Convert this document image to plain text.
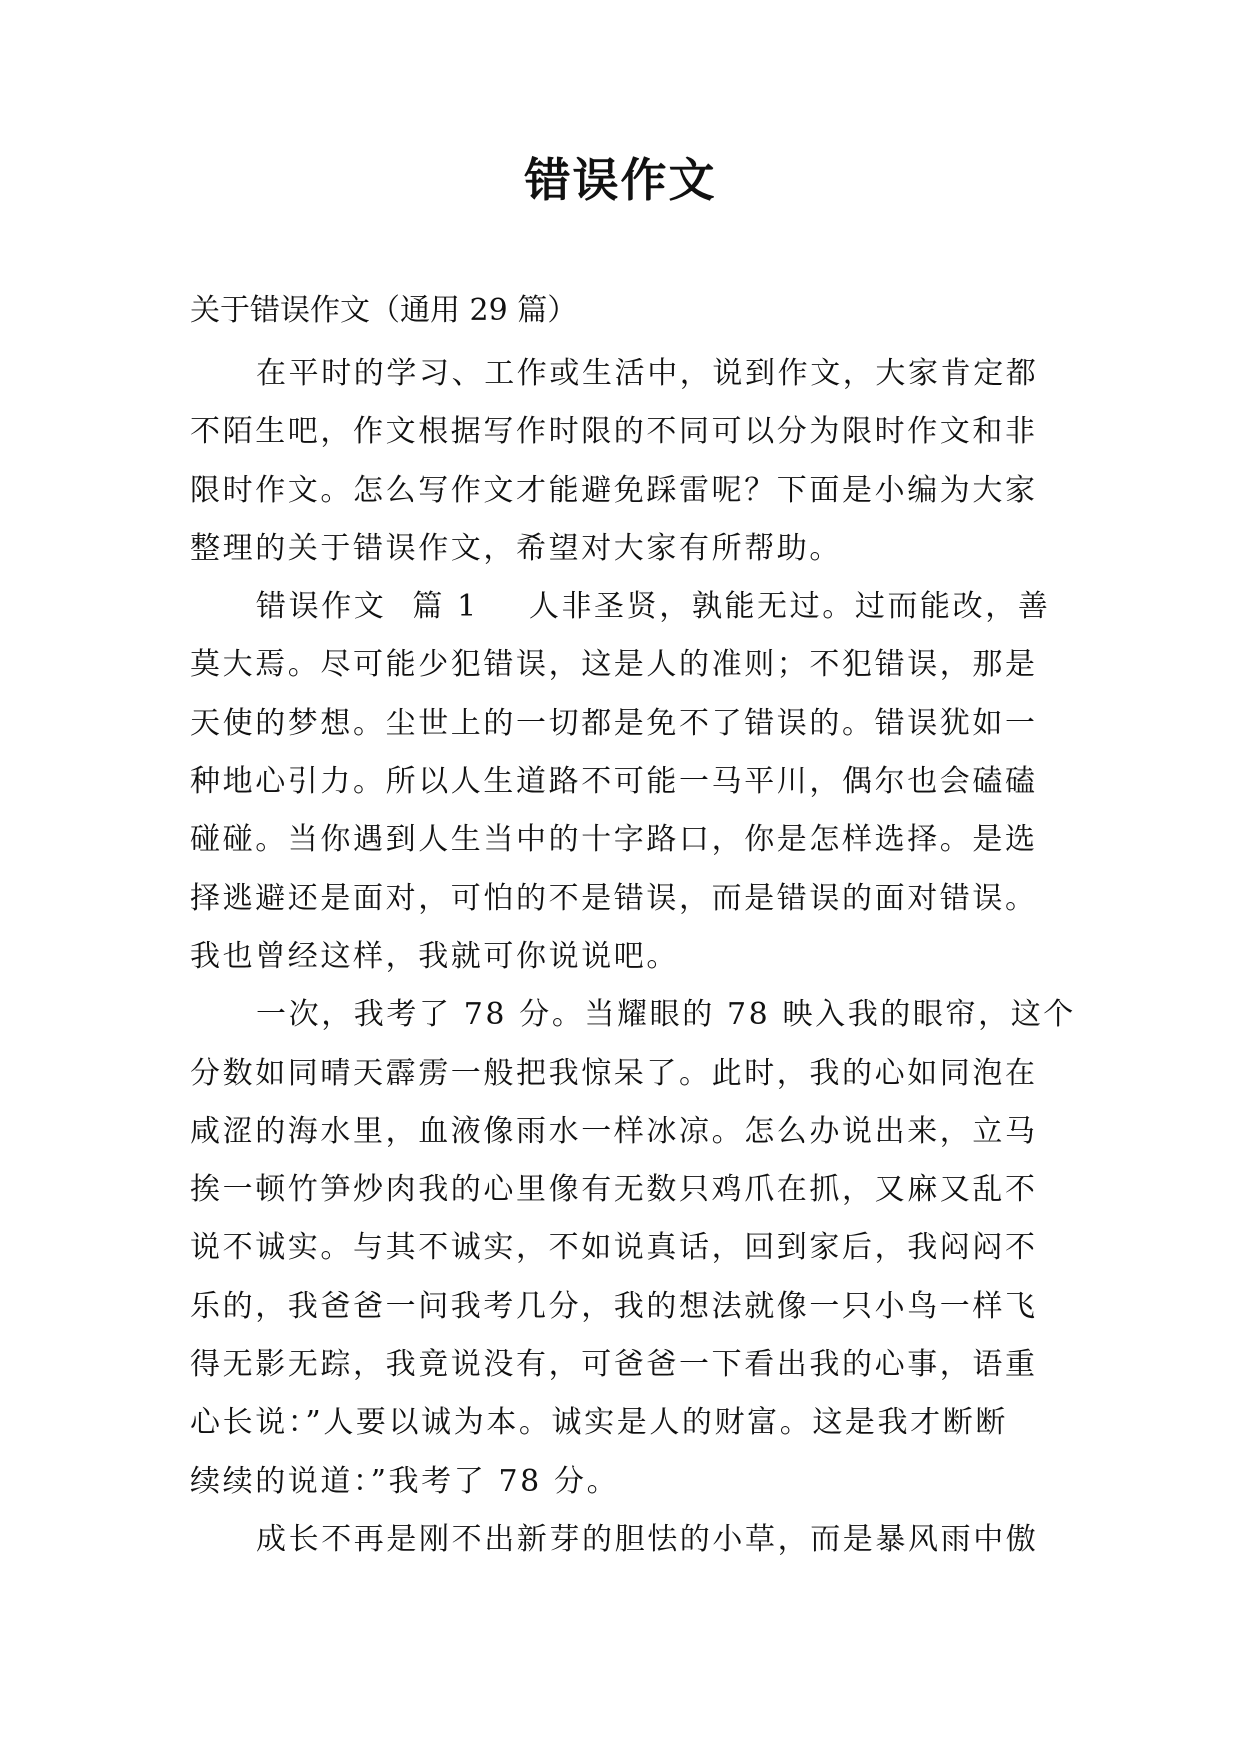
错误作文
关于错误作文（通用 29 篇）

在平时的学习、工作或生活中，说到作文，大家肯定都
不陌生吧，作文根据写作时限的不同可以分为限时作文和非
限时作文。怎么写作文才能避免踩雷呢？下面是小编为大家
整理的关于错误作文，希望对大家有所帮助。

错误作文 篇 1 人非圣贤，孰能无过。过而能改，善
莫大焉。尽可能少犯错误，这是人的准则；不犯错误，那是
天使的梦想。尘世上的一切都是免不了错误的。错误犹如一
种地心引力。所以人生道路不可能一马平川，偶尔也会磕磕
碰碰。当你遇到人生当中的十字路口，你是怎样选择。是选
择逃避还是面对，可怕的不是错误，而是错误的面对错误。
我也曾经这样，我就可你说说吧。

一次，我考了 78 分。当耀眼的 78 映入我的眼帘，这个
分数如同晴天霹雳一般把我惊呆了。此时，我的心如同泡在
咸涩的海水里，血液像雨水一样冰凉。怎么办说出来，立马
挨一顿竹笋炒肉我的心里像有无数只鸡爪在抓，又麻又乱不
说不诚实。与其不诚实，不如说真话，回到家后，我闷闷不
乐的，我爸爸一问我考几分，我的想法就像一只小鸟一样飞
得无影无踪，我竟说没有，可爸爸一下看出我的心事，语重
心长说：”人要以诚为本。诚实是人的财富。这是我才断断
续续的说道：”我考了 78 分。

成长不再是刚不出新芽的胆怯的小草，而是暴风雨中傲
